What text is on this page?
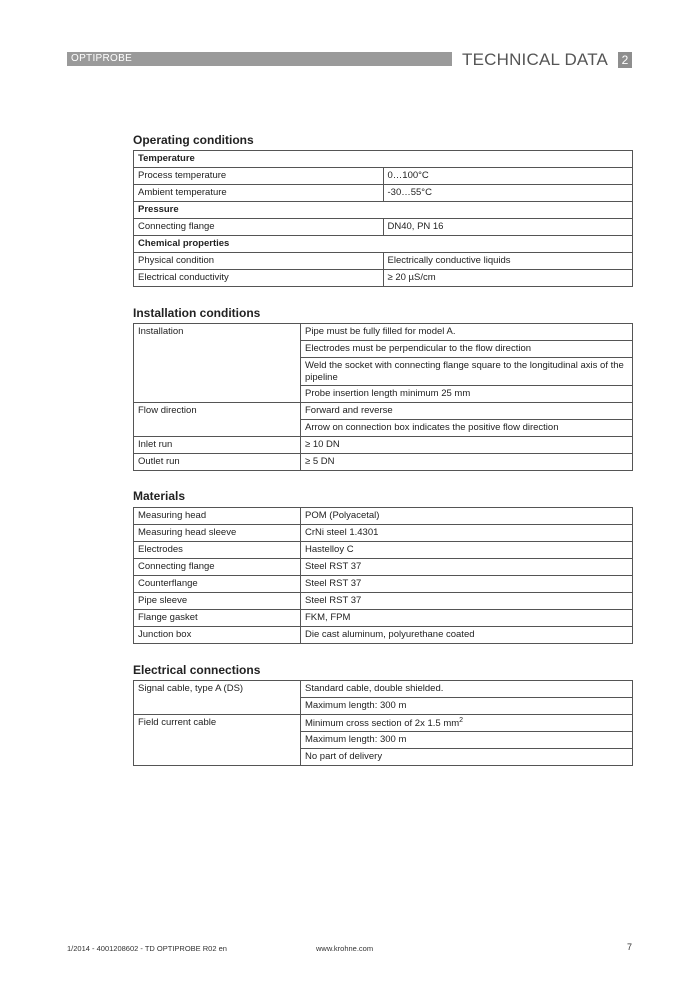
OPTIPROBE	TECHNICAL DATA	2
Operating conditions
Temperature	
Process temperature	0…100°C
Ambient temperature	-30…55°C
Pressure	
Connecting flange	DN40, PN 16
Chemical properties	
Physical condition	Electrically conductive liquids
Electrical conductivity	≥ 20 µS/cm
Installation conditions
Installation	Pipe must be fully filled for model A.
	Electrodes must be perpendicular to the flow direction
	Weld the socket with connecting flange square to the longitudinal axis of the pipeline
	Probe insertion length minimum 25 mm
Flow direction	Forward and reverse
	Arrow on connection box indicates the positive flow direction
Inlet run	≥ 10 DN
Outlet run	≥ 5 DN
Materials
Measuring head	POM (Polyacetal)
Measuring head sleeve	CrNi steel 1.4301
Electrodes	Hastelloy C
Connecting flange	Steel RST 37
Counterflange	Steel RST 37
Pipe sleeve	Steel RST 37
Flange gasket	FKM, FPM
Junction box	Die cast aluminum, polyurethane coated
Electrical connections
Signal cable, type A (DS)	Standard cable, double shielded.
	Maximum length: 300 m
Field current cable	Minimum cross section of 2x 1.5 $mm^2$
	Maximum length: 300 m
	No part of delivery
1/2014 - 4001208602 - TD OPTIPROBE R02 en	www.krohne.com	7
